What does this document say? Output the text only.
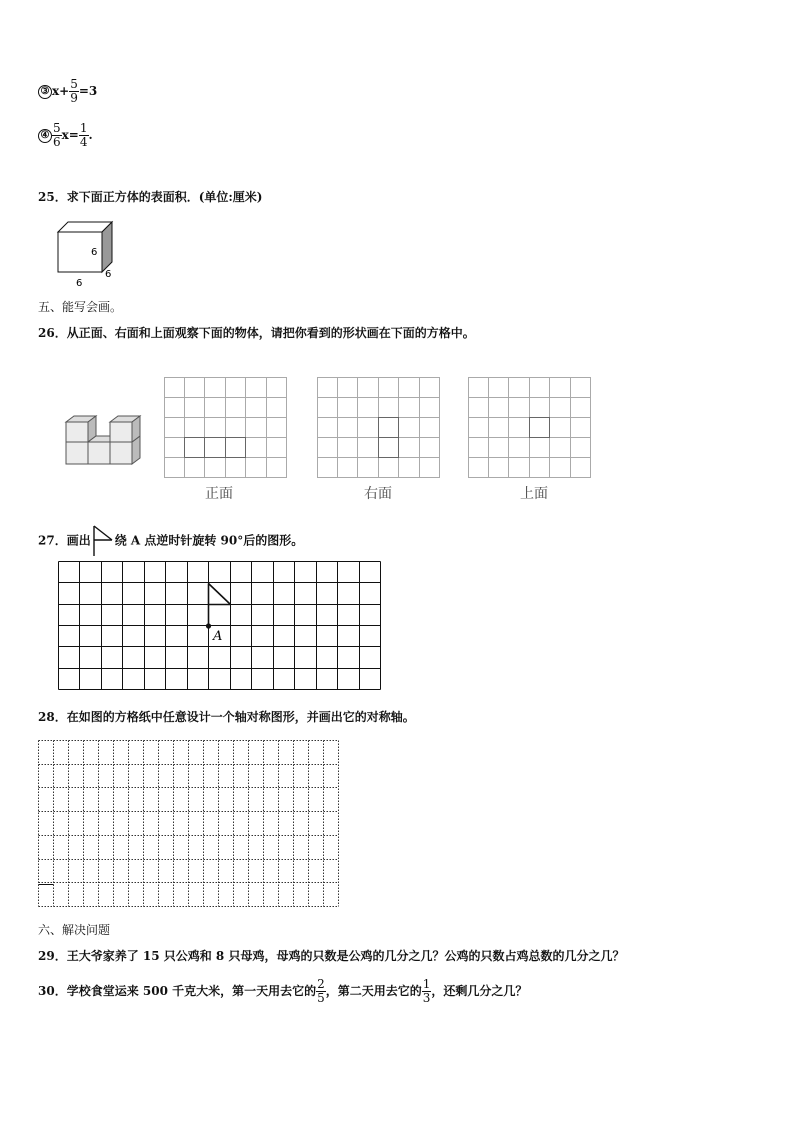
③ $x+ \frac{5}{9} =3$
④ $\frac{5}{6} x= \frac{1}{4}$ .
25．求下面正方体的表面积．(单位:厘米)
6
6
6
五、能写会画。
26．从正面、右面和上面观察下面的物体，请把你看到的形状画在下面的方格中。
正面	右面	上面
27．画出 绕 A 点逆时针旋转 90°后的图形。
A
28．在如图的方格纸中任意设计一个轴对称图形，并画出它的对称轴。
六、解决问题
29．王大爷家养了 15 只公鸡和 8 只母鸡，母鸡的只数是公鸡的几分之几？公鸡的只数占鸡总数的几分之几？
30．学校食堂运来 500 千克大米，第一天用去它的 $\frac{2}{5}$ ，第二天用去它的 $\frac{1}{3}$ ，还剩几分之几？
